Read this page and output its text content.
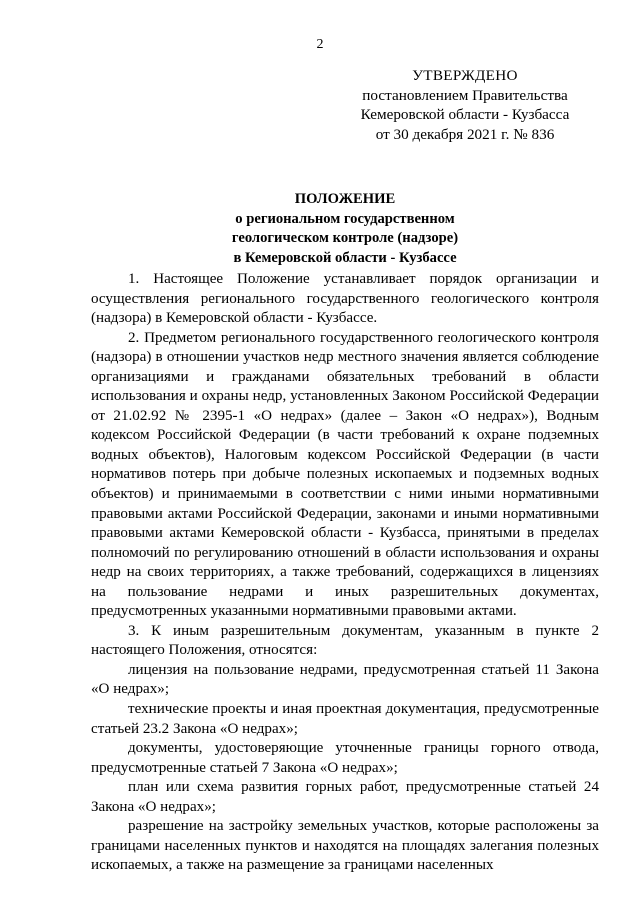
2
УТВЕРЖДЕНО
постановлением Правительства
Кемеровской области - Кузбасса
от 30 декабря 2021 г. № 836
ПОЛОЖЕНИЕ
о региональном государственном
геологическом контроле (надзоре)
в Кемеровской области - Кузбассе

1. Настоящее Положение устанавливает порядок организации и осуществления регионального государственного геологического контроля (надзора) в Кемеровской области - Кузбассе.

2. Предметом регионального государственного геологического контроля (надзора) в отношении участков недр местного значения является соблюдение организациями и гражданами обязательных требований в области использования и охраны недр, установленных Законом Российской Федерации от 21.02.92 № 2395-1 «О недрах» (далее – Закон «О недрах»), Водным кодексом Российской Федерации (в части требований к охране подземных водных объектов), Налоговым кодексом Российской Федерации (в части нормативов потерь при добыче полезных ископаемых и подземных водных объектов) и принимаемыми в соответствии с ними иными нормативными правовыми актами Российской Федерации, законами и иными нормативными правовыми актами Кемеровской области - Кузбасса, принятыми в пределах полномочий по регулированию отношений в области использования и охраны недр на своих территориях, а также требований, содержащихся в лицензиях на пользование недрами и иных разрешительных документах, предусмотренных указанными нормативными правовыми актами.

3. К иным разрешительным документам, указанным в пункте 2 настоящего Положения, относятся:

лицензия на пользование недрами, предусмотренная статьей 11 Закона «О недрах»;

технические проекты и иная проектная документация, предусмотренные статьей 23.2 Закона «О недрах»;

документы, удостоверяющие уточненные границы горного отвода, предусмотренные статьей 7 Закона «О недрах»;

план или схема развития горных работ, предусмотренные статьей 24 Закона «О недрах»;

разрешение на застройку земельных участков, которые расположены за границами населенных пунктов и находятся на площадях залегания полезных ископаемых, а также на размещение за границами населенных
